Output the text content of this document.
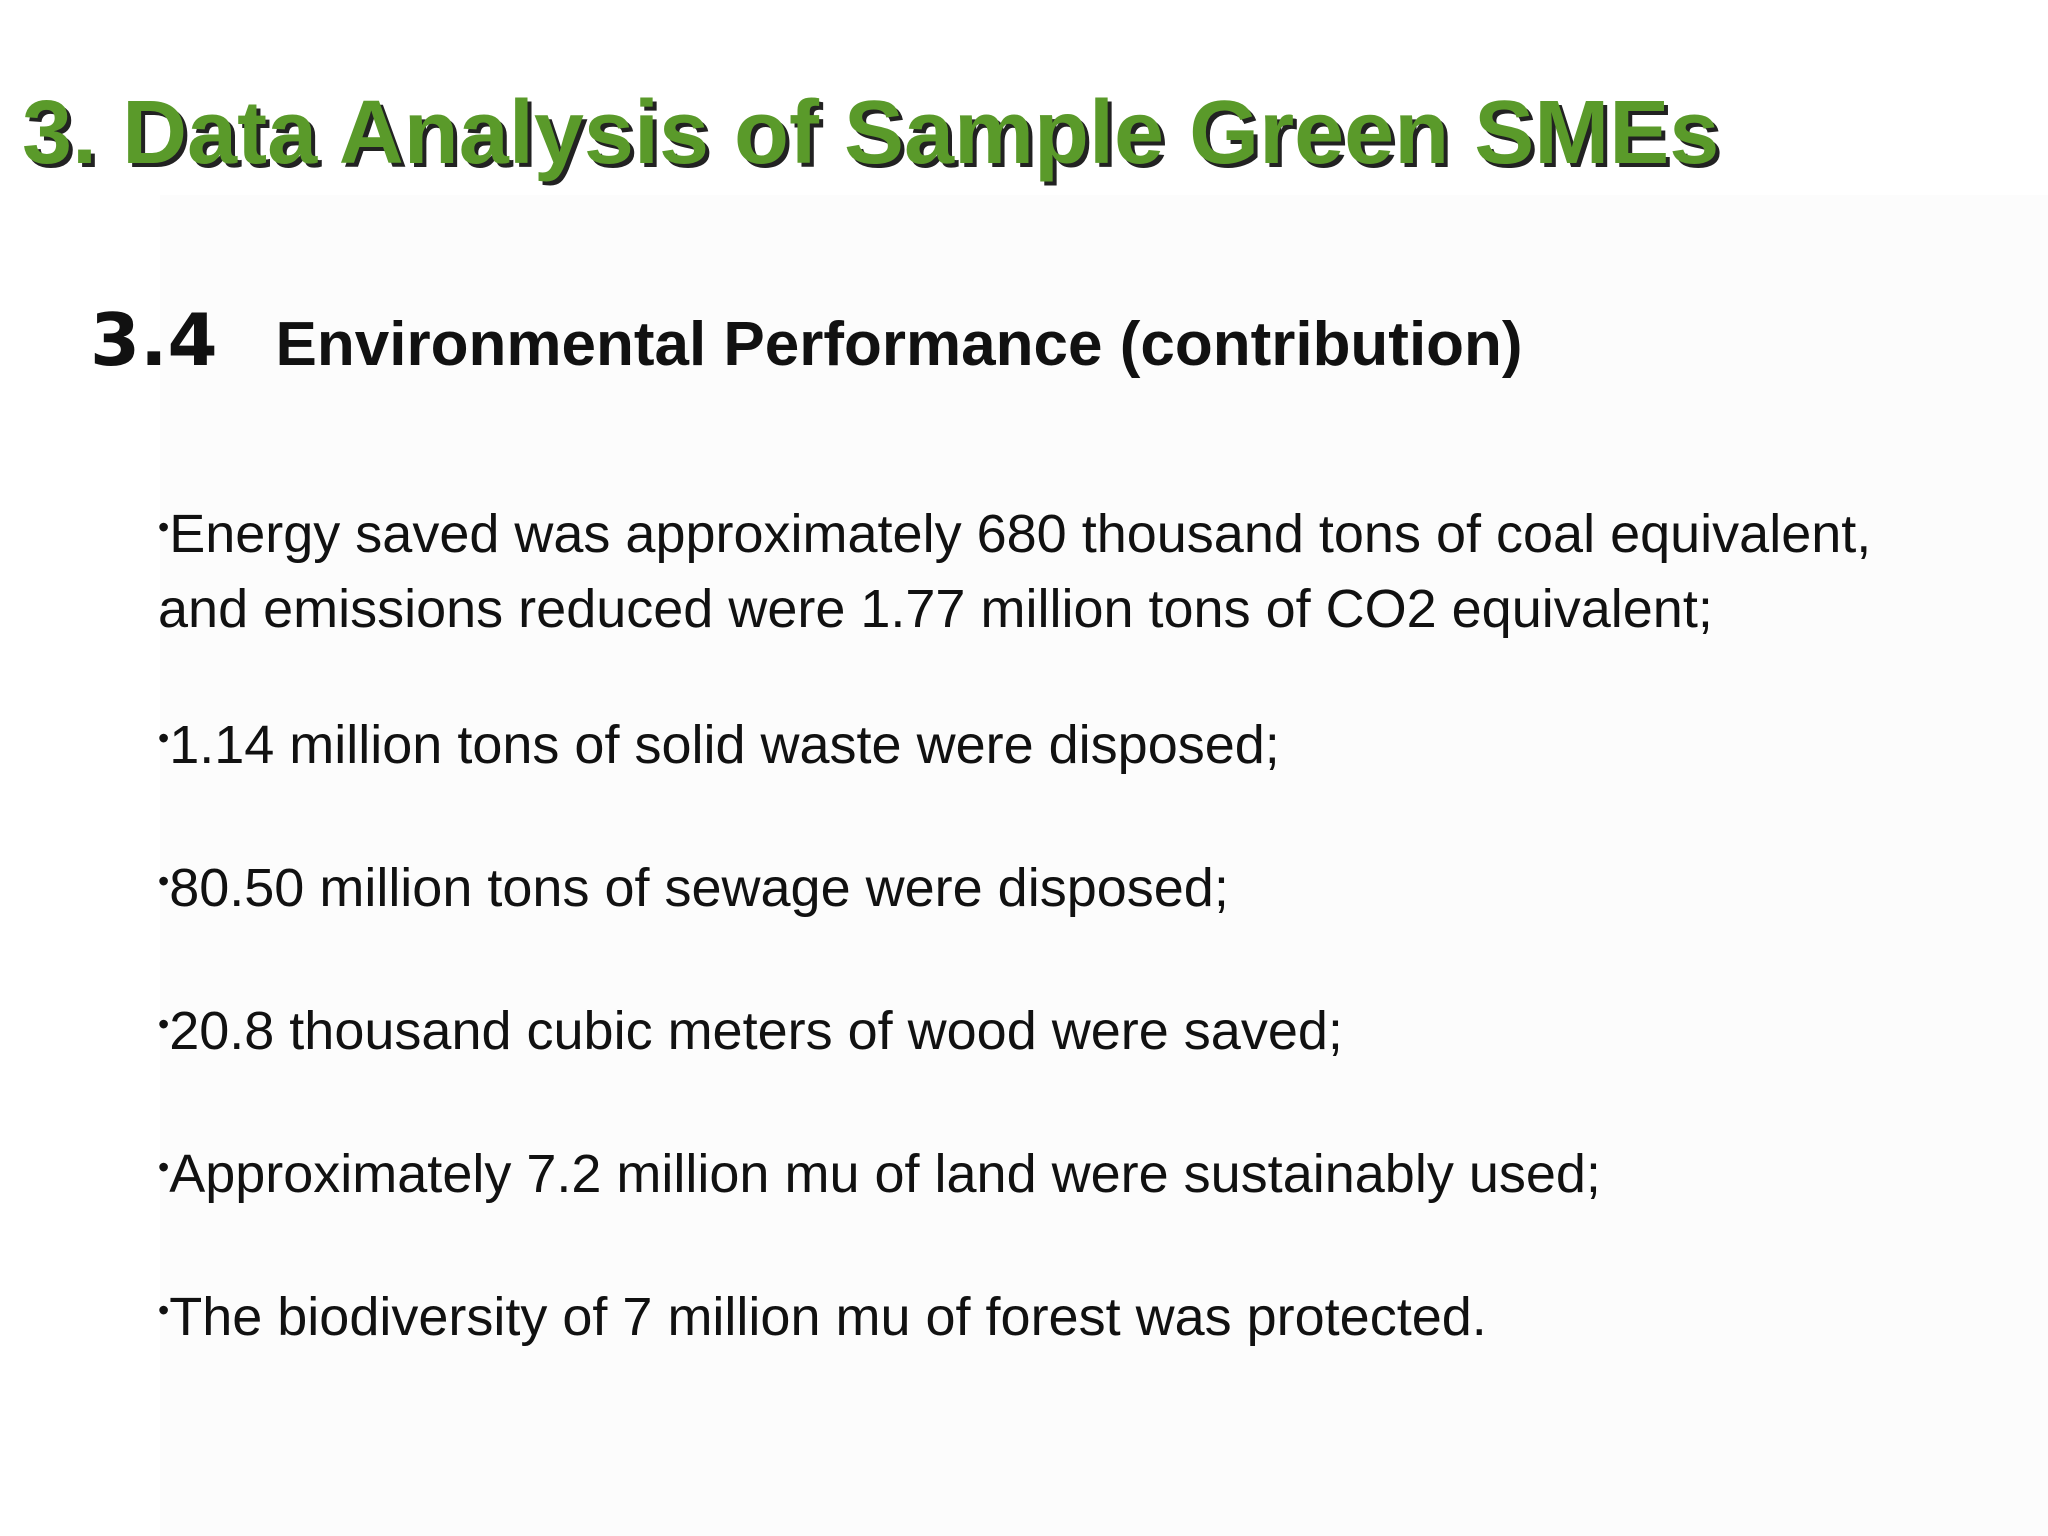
3. Data Analysis of Sample Green SMEs
3.4 Environmental Performance (contribution)
•Energy saved was approximately 680 thousand tons of coal equivalent, and emissions reduced were 1.77 million tons of CO2 equivalent;
•1.14 million tons of solid waste were disposed;
•80.50 million tons of sewage were disposed;
•20.8 thousand cubic meters of wood were saved;
•Approximately 7.2 million mu of land were sustainably used;
•The biodiversity of 7 million mu of forest was protected.
